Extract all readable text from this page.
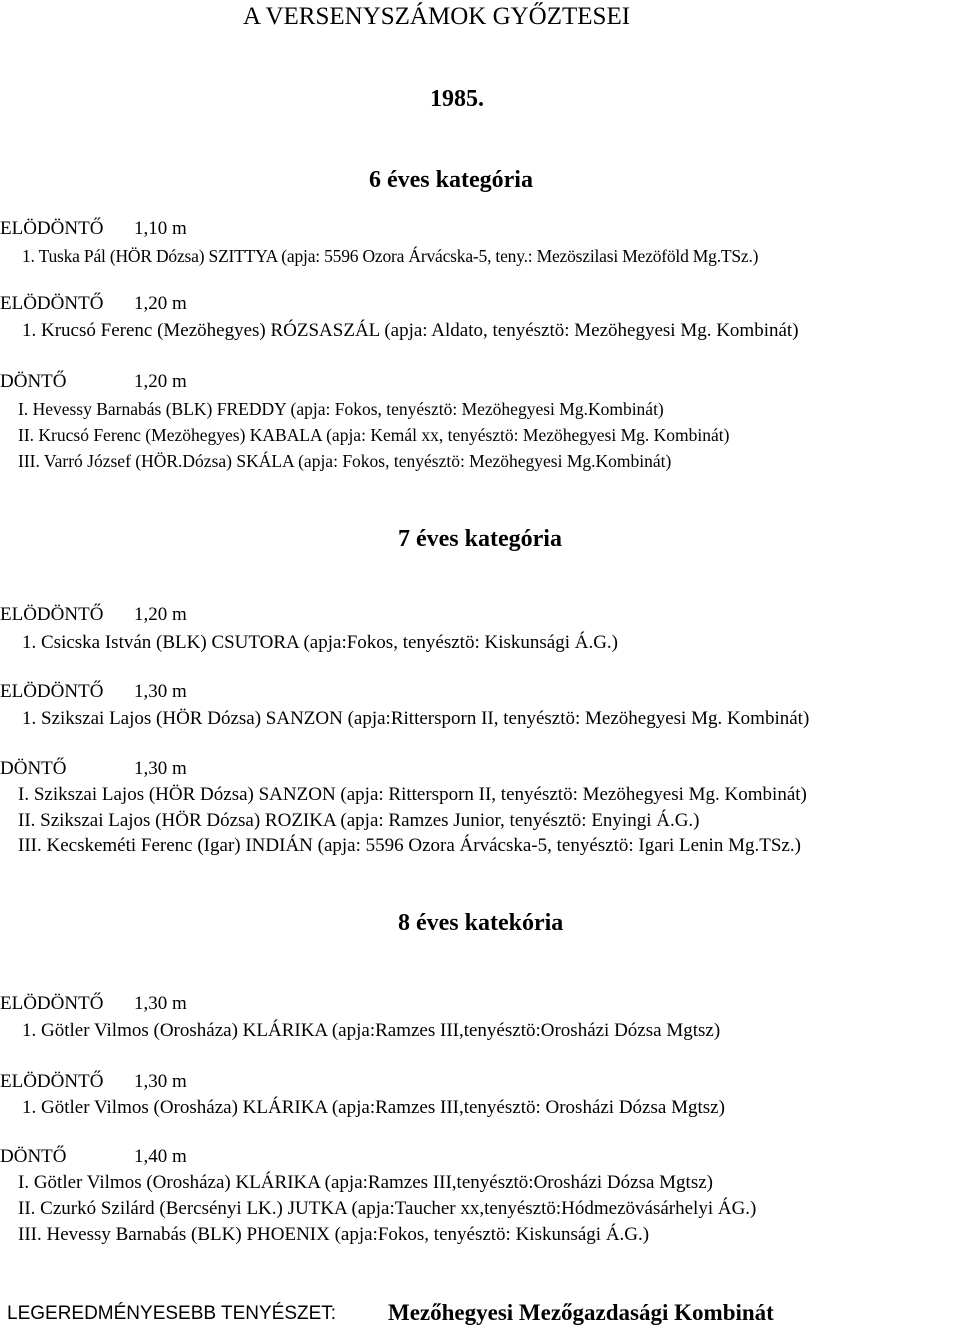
A VERSENYSZÁMOK GYŐZTESEI
1985.
6 éves kategória
ELÖDÖNTŐ 1,10 m
1. Tuska Pál (HÖR Dózsa) SZITTYA (apja: 5596 Ozora Árvácska-5, teny.: Mezöszilasi Mezöföld Mg.TSz.)
ELÖDÖNTŐ 1,20 m
1. Krucsó Ferenc (Mezöhegyes) RÓZSASZÁL (apja: Aldato, tenyésztö: Mezöhegyesi Mg. Kombinát)
DÖNTŐ	1,20 m
I. Hevessy Barnabás (BLK) FREDDY (apja: Fokos, tenyésztö: Mezöhegyesi Mg.Kombinát)
II. Krucsó Ferenc (Mezöhegyes) KABALA (apja: Kemál xx, tenyésztö: Mezöhegyesi Mg. Kombinát)
III. Varró József (HÖR.Dózsa) SKÁLA (apja: Fokos, tenyésztö: Mezöhegyesi Mg.Kombinát)
7 éves kategória
ELÖDÖNTŐ 1,20 m
1. Csicska István (BLK) CSUTORA (apja:Fokos, tenyésztö: Kiskunsági Á.G.)
ELÖDÖNTŐ 1,30 m
1. Szikszai Lajos (HÖR Dózsa) SANZON (apja:Rittersporn II, tenyésztö: Mezöhegyesi Mg. Kombinát)
DÖNTŐ	1,30 m
I. Szikszai Lajos (HÖR Dózsa) SANZON (apja: Rittersporn II, tenyésztö: Mezöhegyesi Mg. Kombinát)
II. Szikszai Lajos (HÖR Dózsa) ROZIKA (apja: Ramzes Junior, tenyésztö: Enyingi Á.G.)
III. Kecskeméti Ferenc (Igar) INDIÁN (apja: 5596 Ozora Árvácska-5, tenyésztö: Igari Lenin Mg.TSz.)
8 éves katekória
ELÖDÖNTŐ 1,30 m
1. Götler Vilmos (Orosháza) KLÁRIKA (apja:Ramzes III,tenyésztö:Orosházi Dózsa Mgtsz)
ELÖDÖNTŐ 1,30 m
1. Götler Vilmos (Orosháza) KLÁRIKA (apja:Ramzes III,tenyésztö: Orosházi Dózsa Mgtsz)
DÖNTŐ	1,40 m
I. Götler Vilmos (Orosháza) KLÁRIKA (apja:Ramzes III,tenyésztö:Orosházi Dózsa Mgtsz)
II. Czurkó Szilárd (Bercsényi LK.) JUTKA (apja:Taucher xx,tenyésztö:Hódmezövásárhelyi ÁG.)
III. Hevessy Barnabás (BLK) PHOENIX (apja:Fokos, tenyésztö: Kiskunsági Á.G.)
LEGEREDMÉNYESEBB TENYÉSZET: Mezőhegyesi Mezőgazdasági Kombinát
